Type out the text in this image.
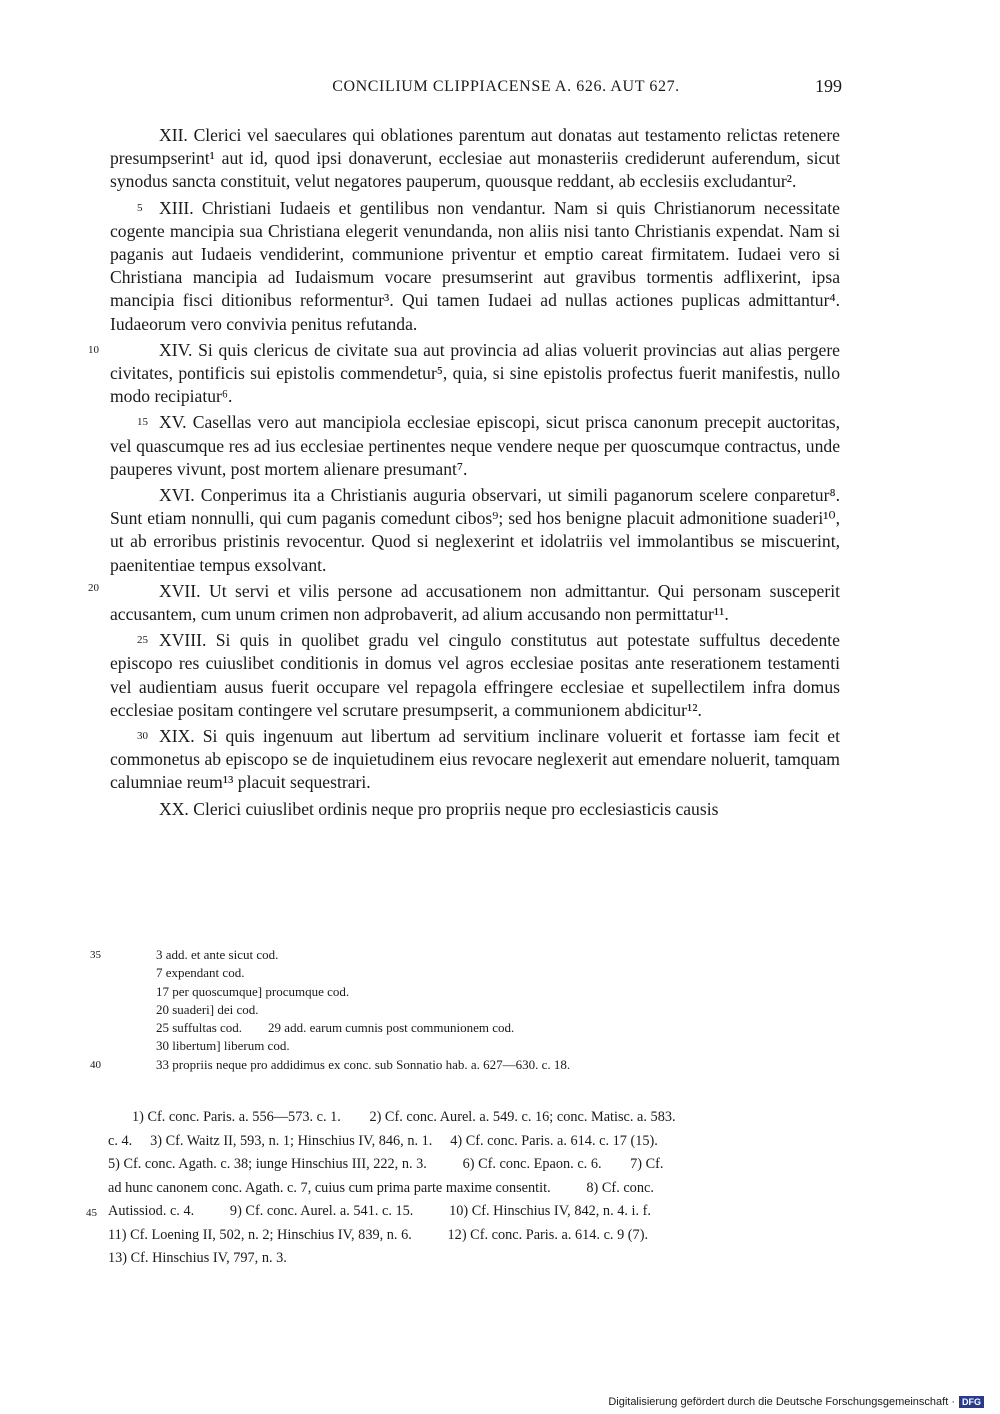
CONCILIUM CLIPPIACENSE A. 626. AUT 627.	199

XII. Clerici vel saeculares qui oblationes parentum aut donatas aut testamento relictas retenere presumpserint¹ aut id, quod ipsi donaverunt, ecclesiae aut monasteriis crediderunt auferendum, sicut synodus sancta constituit, velut negatores pauperum, quousque reddant, ab ecclesiis excludantur².

5 XIII. Christiani Iudaeis et gentilibus non vendantur. Nam si quis Christianorum necessitate cogente mancipia sua Christiana elegerit venundanda, non aliis nisi tanto Christianis expendat. Nam si paganis aut Iudaeis vendiderint, communione priventur et emptio careat firmitatem. Iudaei vero si Christiana mancipia ad Iudaismum vocare presumserint aut gravibus tormentis adflixerint, ipsa mancipia fisci ditionibus reformentur³. Qui tamen Iudaei ad nullas actiones puplicas admittantur⁴. Iudaeorum vero convivia penitus refutanda.

XIV. Si quis clericus de civitate sua aut provincia ad alias voluerit provincias aut alias pergere civitates, pontificis sui epistolis commendetur⁵, quia, si sine epistolis profectus fuerit manifestis, nullo modo recipiatur⁶.

15 XV. Casellas vero aut mancipiola ecclesiae episcopi, sicut prisca canonum precepit auctoritas, vel quascumque res ad ius ecclesiae pertinentes neque vendere neque per quoscumque contractus, unde pauperes vivunt, post mortem alienare presumant⁷.

XVI. Conperimus ita a Christianis auguria observari, ut simili paganorum scelere conparetur⁸. Sunt etiam nonnulli, qui cum paganis comedunt cibos⁹; sed hos benigne placuit admonitione suaderi¹⁰, ut ab erroribus pristinis revocentur. Quod si neglexerint et idolatriis vel immolantibus se miscuerint, paenitentiae tempus exsolvant.

XVII. Ut servi et vilis persone ad accusationem non admittantur. Qui personam susceperit accusantem, cum unum crimen non adprobaverit, ad alium accusando non permittatur¹¹.

25 XVIII. Si quis in quolibet gradu vel cingulo constitutus aut potestate suffultus decedente episcopo res cuiuslibet conditionis in domus vel agros ecclesiae positas ante reserationem testamenti vel audientiam ausus fuerit occupare vel repagola effringere ecclesiae et supellectilem infra domus ecclesiae positam contingere vel scrutare presumpserit, a communionem abdicitur¹².

30 XIX. Si quis ingenuum aut libertum ad servitium inclinare voluerit et fortasse iam fecit et commonetus ab episcopo se de inquietudinem eius revocare neglexerit aut emendare noluerit, tamquam calumniae reum¹³ placuit sequestrari.

XX. Clerici cuiuslibet ordinis neque pro propriis neque pro ecclesiasticis causis

10
20
35	3 add. et ante sicut cod.
7 expendant cod.
17 per quoscumque] procumque cod.
20 suaderi] dei cod.
25 suffultas cod.        29 add. earum cumnis post communionem cod.
30 libertum] liberum cod.
40	33 propriis neque pro addidimus ex conc. sub Sonnatio hab. a. 627—630. c. 18.
1) Cf. conc. Paris. a. 556—573. c. 1.        2) Cf. conc. Aurel. a. 549. c. 16; conc. Matisc. a. 583.
c. 4.     3) Cf. Waitz II, 593, n. 1; Hinschius IV, 846, n. 1.     4) Cf. conc. Paris. a. 614. c. 17 (15).
5) Cf. conc. Agath. c. 38; iunge Hinschius III, 222, n. 3.          6) Cf. conc. Epaon. c. 6.        7) Cf.
ad hunc canonem conc. Agath. c. 7, cuius cum prima parte maxime consentit.          8) Cf. conc.
45 Autissiod. c. 4.          9) Cf. conc. Aurel. a. 541. c. 15.          10) Cf. Hinschius IV, 842, n. 4. i. f.
11) Cf. Loening II, 502, n. 2; Hinschius IV, 839, n. 6.          12) Cf. conc. Paris. a. 614. c. 9 (7).
13) Cf. Hinschius IV, 797, n. 3.
Digitalisierung gefördert durch die Deutsche Forschungsgemeinschaft · DFG
